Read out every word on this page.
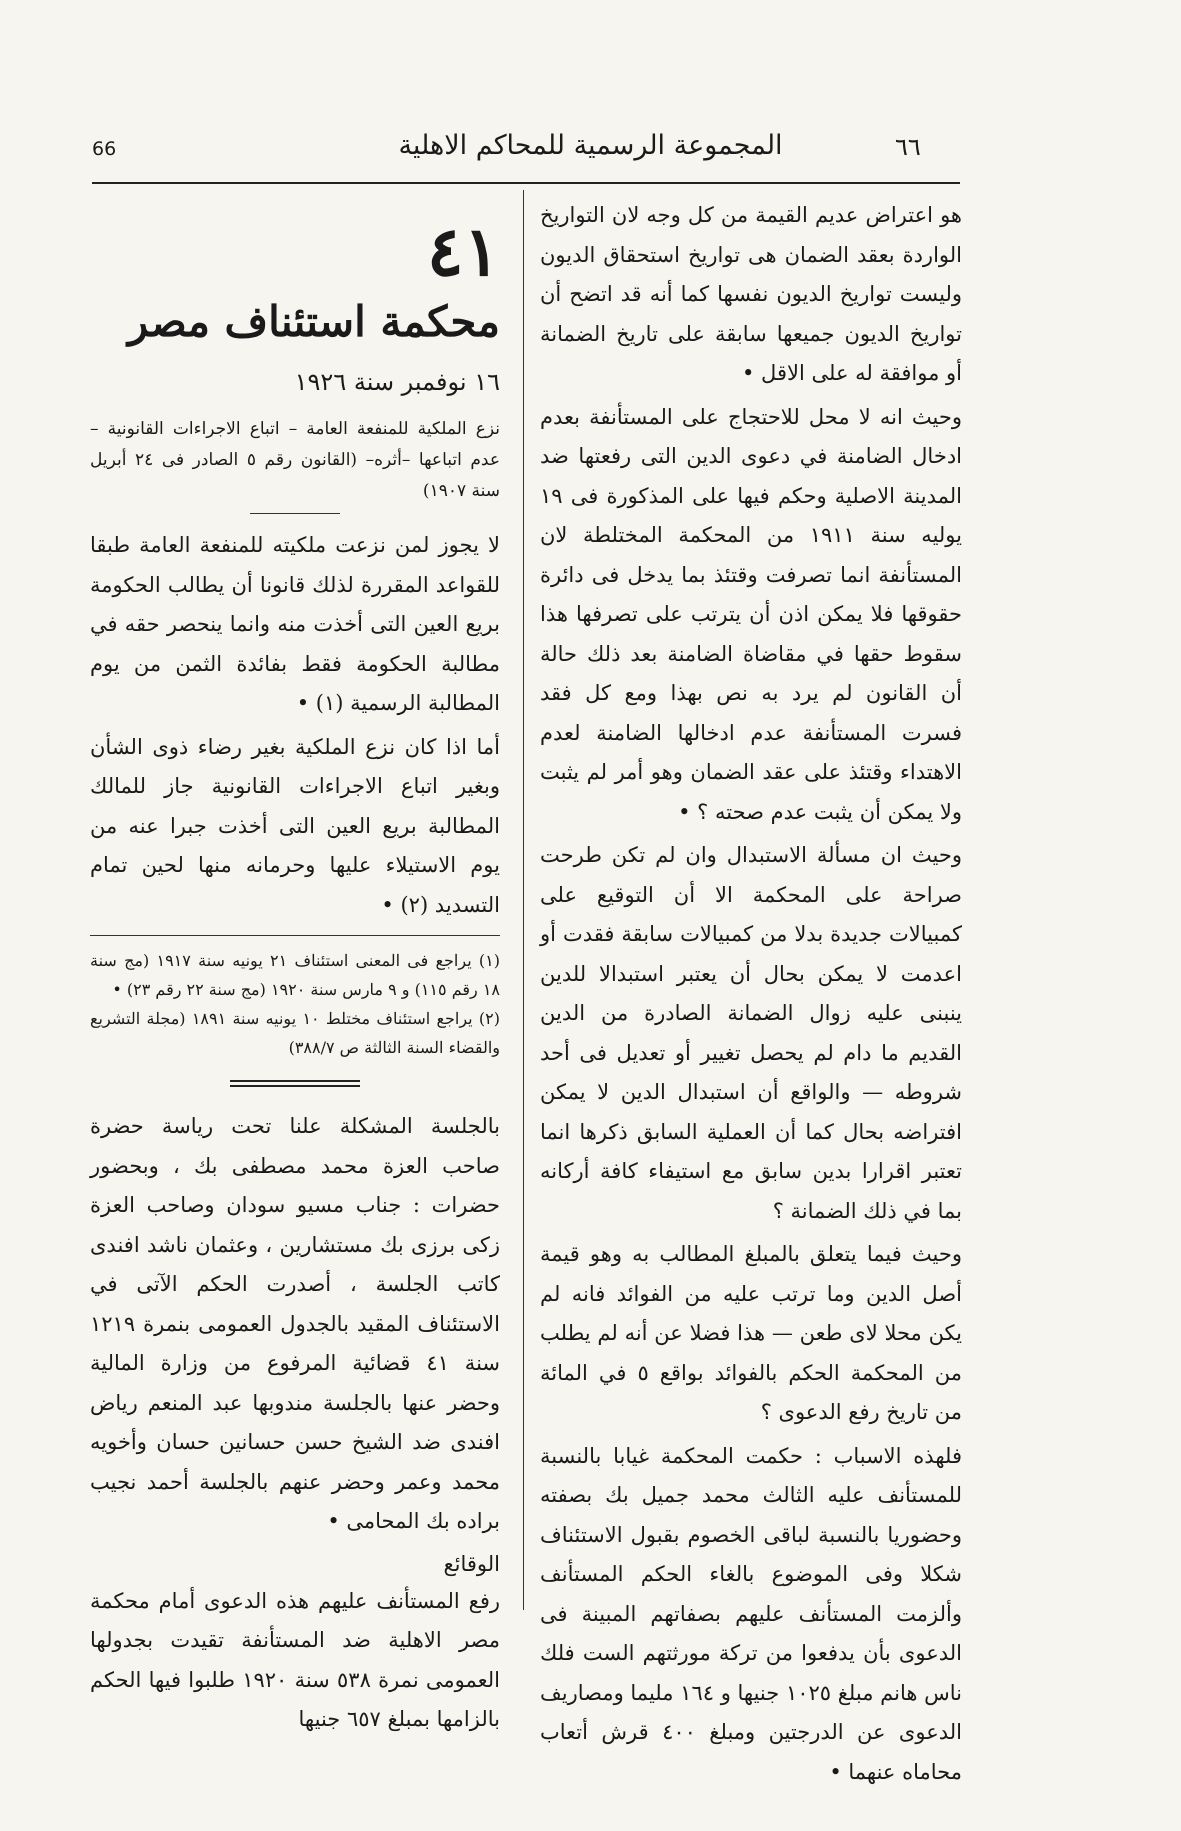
66	المجموعة الرسمية للمحاكم الاهلية	٦٦
٤١
محكمة استئناف مصر
١٦ نوفمبر سنة ١٩٢٦

نزع الملكية للمنفعة العامة – اتباع الاجراءات القانونية – عدم اتباعها –أثره– (القانون رقم ٥ الصادر فى ٢٤ أبريل سنة ١٩٠٧)

لا يجوز لمن نزعت ملكيته للمنفعة العامة طبقا للقواعد المقررة لذلك قانونا أن يطالب الحكومة بريع العين التى أخذت منه وانما ينحصر حقه في مطالبة الحكومة فقط بفائدة الثمن من يوم المطالبة الرسمية (١) •

أما اذا كان نزع الملكية بغير رضاء ذوى الشأن وبغير اتباع الاجراءات القانونية جاز للمالك المطالبة بريع العين التى أخذت جبرا عنه من يوم الاستيلاء عليها وحرمانه منها لحين تمام التسديد (٢) •

(١) يراجع فى المعنى استئناف ٢١ يونيه سنة ١٩١٧ (مج سنة ١٨ رقم ١١٥) و ٩ مارس سنة ١٩٢٠ (مج سنة ٢٢ رقم ٢٣) •

(٢) يراجع استئناف مختلط ١٠ يونيه سنة ١٨٩١ (مجلة التشريع والقضاء السنة الثالثة ص ٣٨٨/٧)

بالجلسة المشكلة علنا تحت رياسة حضرة صاحب العزة محمد مصطفى بك ، وبحضور حضرات : جناب مسيو سودان وصاحب العزة زكى برزى بك مستشارين ، وعثمان ناشد افندى كاتب الجلسة ، أصدرت الحكم الآتى في الاستئناف المقيد بالجدول العمومى بنمرة ١٢١٩ سنة ٤١ قضائية المرفوع من وزارة المالية وحضر عنها بالجلسة مندوبها عبد المنعم رياض افندى ضد الشيخ حسن حسانين حسان وأخويه محمد وعمر وحضر عنهم بالجلسة أحمد نجيب براده بك المحامى •

الوقائع

رفع المستأنف عليهم هذه الدعوى أمام محكمة مصر الاهلية ضد المستأنفة تقيدت بجدولها العمومى نمرة ٥٣٨ سنة ١٩٢٠ طلبوا فيها الحكم بالزامها بمبلغ ٦٥٧ جنيها

هو اعتراض عديم القيمة من كل وجه لان التواريخ الواردة بعقد الضمان هى تواريخ استحقاق الديون وليست تواريخ الديون نفسها كما أنه قد اتضح أن تواريخ الديون جميعها سابقة على تاريخ الضمانة أو موافقة له على الاقل •

وحيث انه لا محل للاحتجاج على المستأنفة بعدم ادخال الضامنة في دعوى الدين التى رفعتها ضد المدينة الاصلية وحكم فيها على المذكورة فى ١٩ يوليه سنة ١٩١١ من المحكمة المختلطة لان المستأنفة انما تصرفت وقتئذ بما يدخل فى دائرة حقوقها فلا يمكن اذن أن يترتب على تصرفها هذا سقوط حقها في مقاضاة الضامنة بعد ذلك حالة أن القانون لم يرد به نص بهذا ومع كل فقد فسرت المستأنفة عدم ادخالها الضامنة لعدم الاهتداء وقتئذ على عقد الضمان وهو أمر لم يثبت ولا يمكن أن يثبت عدم صحته ؟ •

وحيث ان مسألة الاستبدال وان لم تكن طرحت صراحة على المحكمة الا أن التوقيع على كمبيالات جديدة بدلا من كمبيالات سابقة فقدت أو اعدمت لا يمكن بحال أن يعتبر استبدالا للدين ينبنى عليه زوال الضمانة الصادرة من الدين القديم ما دام لم يحصل تغيير أو تعديل فى أحد شروطه — والواقع أن استبدال الدين لا يمكن افتراضه بحال كما أن العملية السابق ذكرها انما تعتبر اقرارا بدين سابق مع استيفاء كافة أركانه بما في ذلك الضمانة ؟

وحيث فيما يتعلق بالمبلغ المطالب به وهو قيمة أصل الدين وما ترتب عليه من الفوائد فانه لم يكن محلا لاى طعن — هذا فضلا عن أنه لم يطلب من المحكمة الحكم بالفوائد بواقع ٥ في المائة من تاريخ رفع الدعوى ؟

فلهذه الاسباب : حكمت المحكمة غيابا بالنسبة للمستأنف عليه الثالث محمد جميل بك بصفته وحضوريا بالنسبة لباقى الخصوم بقبول الاستئناف شكلا وفى الموضوع بالغاء الحكم المستأنف وألزمت المستأنف عليهم بصفاتهم المبينة فى الدعوى بأن يدفعوا من تركة مورثتهم الست فلك ناس هانم مبلغ ١٠٢٥ جنيها و ١٦٤ مليما ومصاريف الدعوى عن الدرجتين ومبلغ ٤٠٠ قرش أتعاب محاماه عنهما •
